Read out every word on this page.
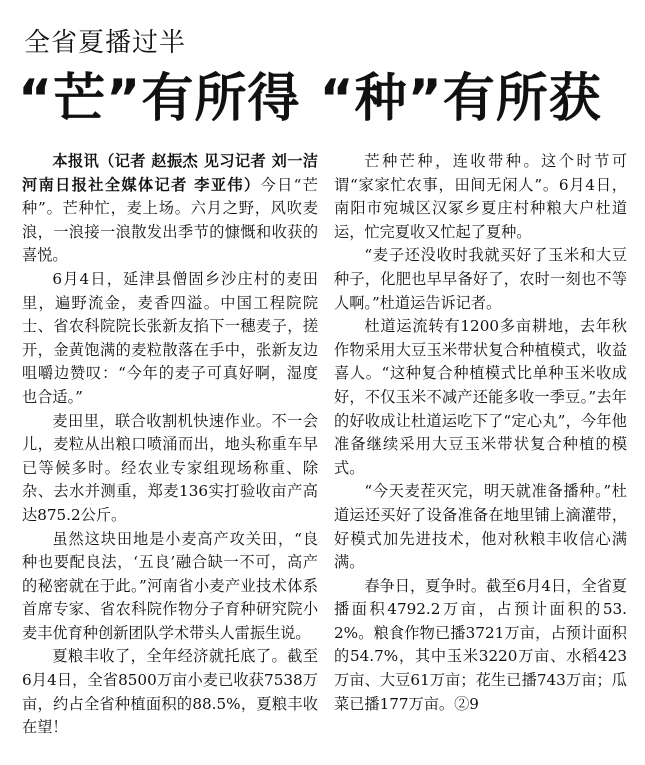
全省夏播过半
“芒”有所得 “种”有所获

本报讯（记者 赵振杰 见习记者 刘一洁 河南日报社全媒体记者 李亚伟）今日“芒种”。芒种忙，麦上场。六月之野，风吹麦浪，一浪接一浪散发出季节的慷慨和收获的喜悦。

6月4日，延津县僧固乡沙庄村的麦田里，遍野流金，麦香四溢。中国工程院院士、省农科院院长张新友掐下一穗麦子，搓开，金黄饱满的麦粒散落在手中，张新友边咀嚼边赞叹：“今年的麦子可真好啊，湿度也合适。”

麦田里，联合收割机快速作业。不一会儿，麦粒从出粮口喷涌而出，地头称重车早已等候多时。经农业专家组现场称重、除杂、去水并测重，郑麦136实打验收亩产高达875.2公斤。

虽然这块田地是小麦高产攻关田，“良种也要配良法，‘五良’融合缺一不可，高产的秘密就在于此。”河南省小麦产业技术体系首席专家、省农科院作物分子育种研究院小麦丰优育种创新团队学术带头人雷振生说。

夏粮丰收了，全年经济就托底了。截至6月4日，全省8500万亩小麦已收获7538万亩，约占全省种植面积的88.5%，夏粮丰收在望！

芒种芒种，连收带种。这个时节可谓“家家忙农事，田间无闲人”。6月4日，南阳市宛城区汉冢乡夏庄村种粮大户杜道运，忙完夏收又忙起了夏种。

“麦子还没收时我就买好了玉米和大豆种子，化肥也早早备好了，农时一刻也不等人啊。”杜道运告诉记者。

杜道运流转有1200多亩耕地，去年秋作物采用大豆玉米带状复合种植模式，收益喜人。“这种复合种植模式比单种玉米收成好，不仅玉米不减产还能多收一季豆。”去年的好收成让杜道运吃下了“定心丸”，今年他准备继续采用大豆玉米带状复合种植的模式。

“今天麦茬灭完，明天就准备播种。”杜道运还买好了设备准备在地里铺上滴灌带，好模式加先进技术，他对秋粮丰收信心满满。

春争日，夏争时。截至6月4日，全省夏播面积4792.2万亩，占预计面积的53.2%。粮食作物已播3721万亩，占预计面积的54.7%，其中玉米3220万亩、水稻423万亩、大豆61万亩；花生已播743万亩；瓜菜已播177万亩。②9
